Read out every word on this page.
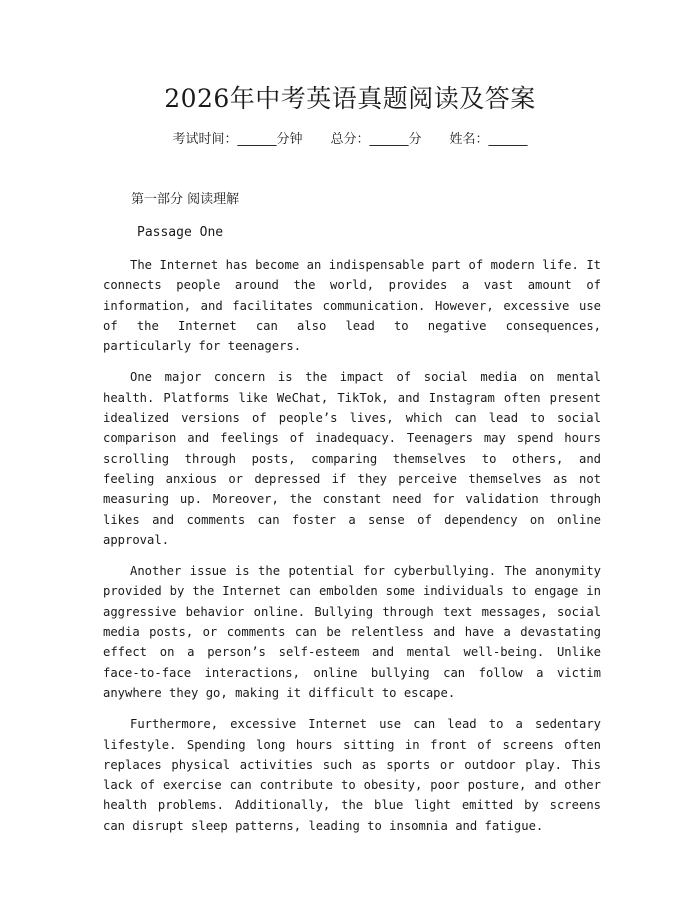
2026年中考英语真题阅读及答案
考试时间：______分钟 总分：______分 姓名：______
第一部分 阅读理解
Passage One

The Internet has become an indispensable part of modern life. It connects people around the world, provides a vast amount of information, and facilitates communication. However, excessive use of the Internet can also lead to negative consequences, particularly for teenagers.

One major concern is the impact of social media on mental health. Platforms like WeChat, TikTok, and Instagram often present idealized versions of people’s lives, which can lead to social comparison and feelings of inadequacy. Teenagers may spend hours scrolling through posts, comparing themselves to others, and feeling anxious or depressed if they perceive themselves as not measuring up. Moreover, the constant need for validation through likes and comments can foster a sense of dependency on online approval.

Another issue is the potential for cyberbullying. The anonymity provided by the Internet can embolden some individuals to engage in aggressive behavior online. Bullying through text messages, social media posts, or comments can be relentless and have a devastating effect on a person’s self-esteem and mental well-being. Unlike face-to-face interactions, online bullying can follow a victim anywhere they go, making it difficult to escape.

Furthermore, excessive Internet use can lead to a sedentary lifestyle. Spending long hours sitting in front of screens often replaces physical activities such as sports or outdoor play. This lack of exercise can contribute to obesity, poor posture, and other health problems. Additionally, the blue light emitted by screens can disrupt sleep patterns, leading to insomnia and fatigue.
